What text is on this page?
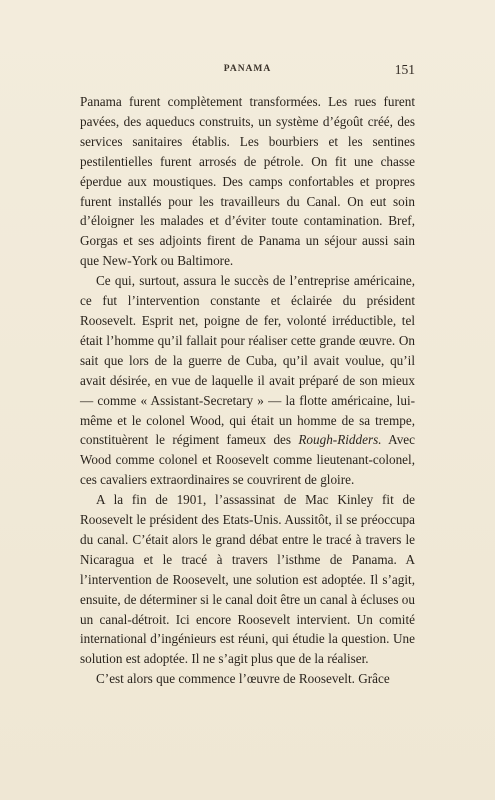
PANAMA	151

Panama furent complètement transformées. Les rues furent pavées, des aqueducs construits, un système d’égoût créé, des services sanitaires établis. Les bourbiers et les sentines pestilentielles furent arrosés de pétrole. On fit une chasse éperdue aux moustiques. Des camps confortables et propres furent installés pour les travailleurs du Canal. On eut soin d’éloigner les malades et d’éviter toute contamination. Bref, Gorgas et ses adjoints firent de Panama un séjour aussi sain que New-York ou Baltimore.

Ce qui, surtout, assura le succès de l’entreprise américaine, ce fut l’intervention constante et éclairée du président Roosevelt. Esprit net, poigne de fer, volonté irréductible, tel était l’homme qu’il fallait pour réaliser cette grande œuvre. On sait que lors de la guerre de Cuba, qu’il avait voulue, qu’il avait désirée, en vue de laquelle il avait préparé de son mieux — comme « Assistant-Secretary » — la flotte américaine, lui-même et le colonel Wood, qui était un homme de sa trempe, constituèrent le régiment fameux des Rough-Ridders. Avec Wood comme colonel et Roosevelt comme lieutenant-colonel, ces cavaliers extraordinaires se couvrirent de gloire.

A la fin de 1901, l’assassinat de Mac Kinley fit de Roosevelt le président des Etats-Unis. Aussitôt, il se préoccupa du canal. C’était alors le grand débat entre le tracé à travers le Nicaragua et le tracé à travers l’isthme de Panama. A l’intervention de Roosevelt, une solution est adoptée. Il s’agit, ensuite, de déterminer si le canal doit être un canal à écluses ou un canal-détroit. Ici encore Roosevelt intervient. Un comité international d’ingénieurs est réuni, qui étudie la question. Une solution est adoptée. Il ne s’agit plus que de la réaliser.

C’est alors que commence l’œuvre de Roosevelt. Grâce
